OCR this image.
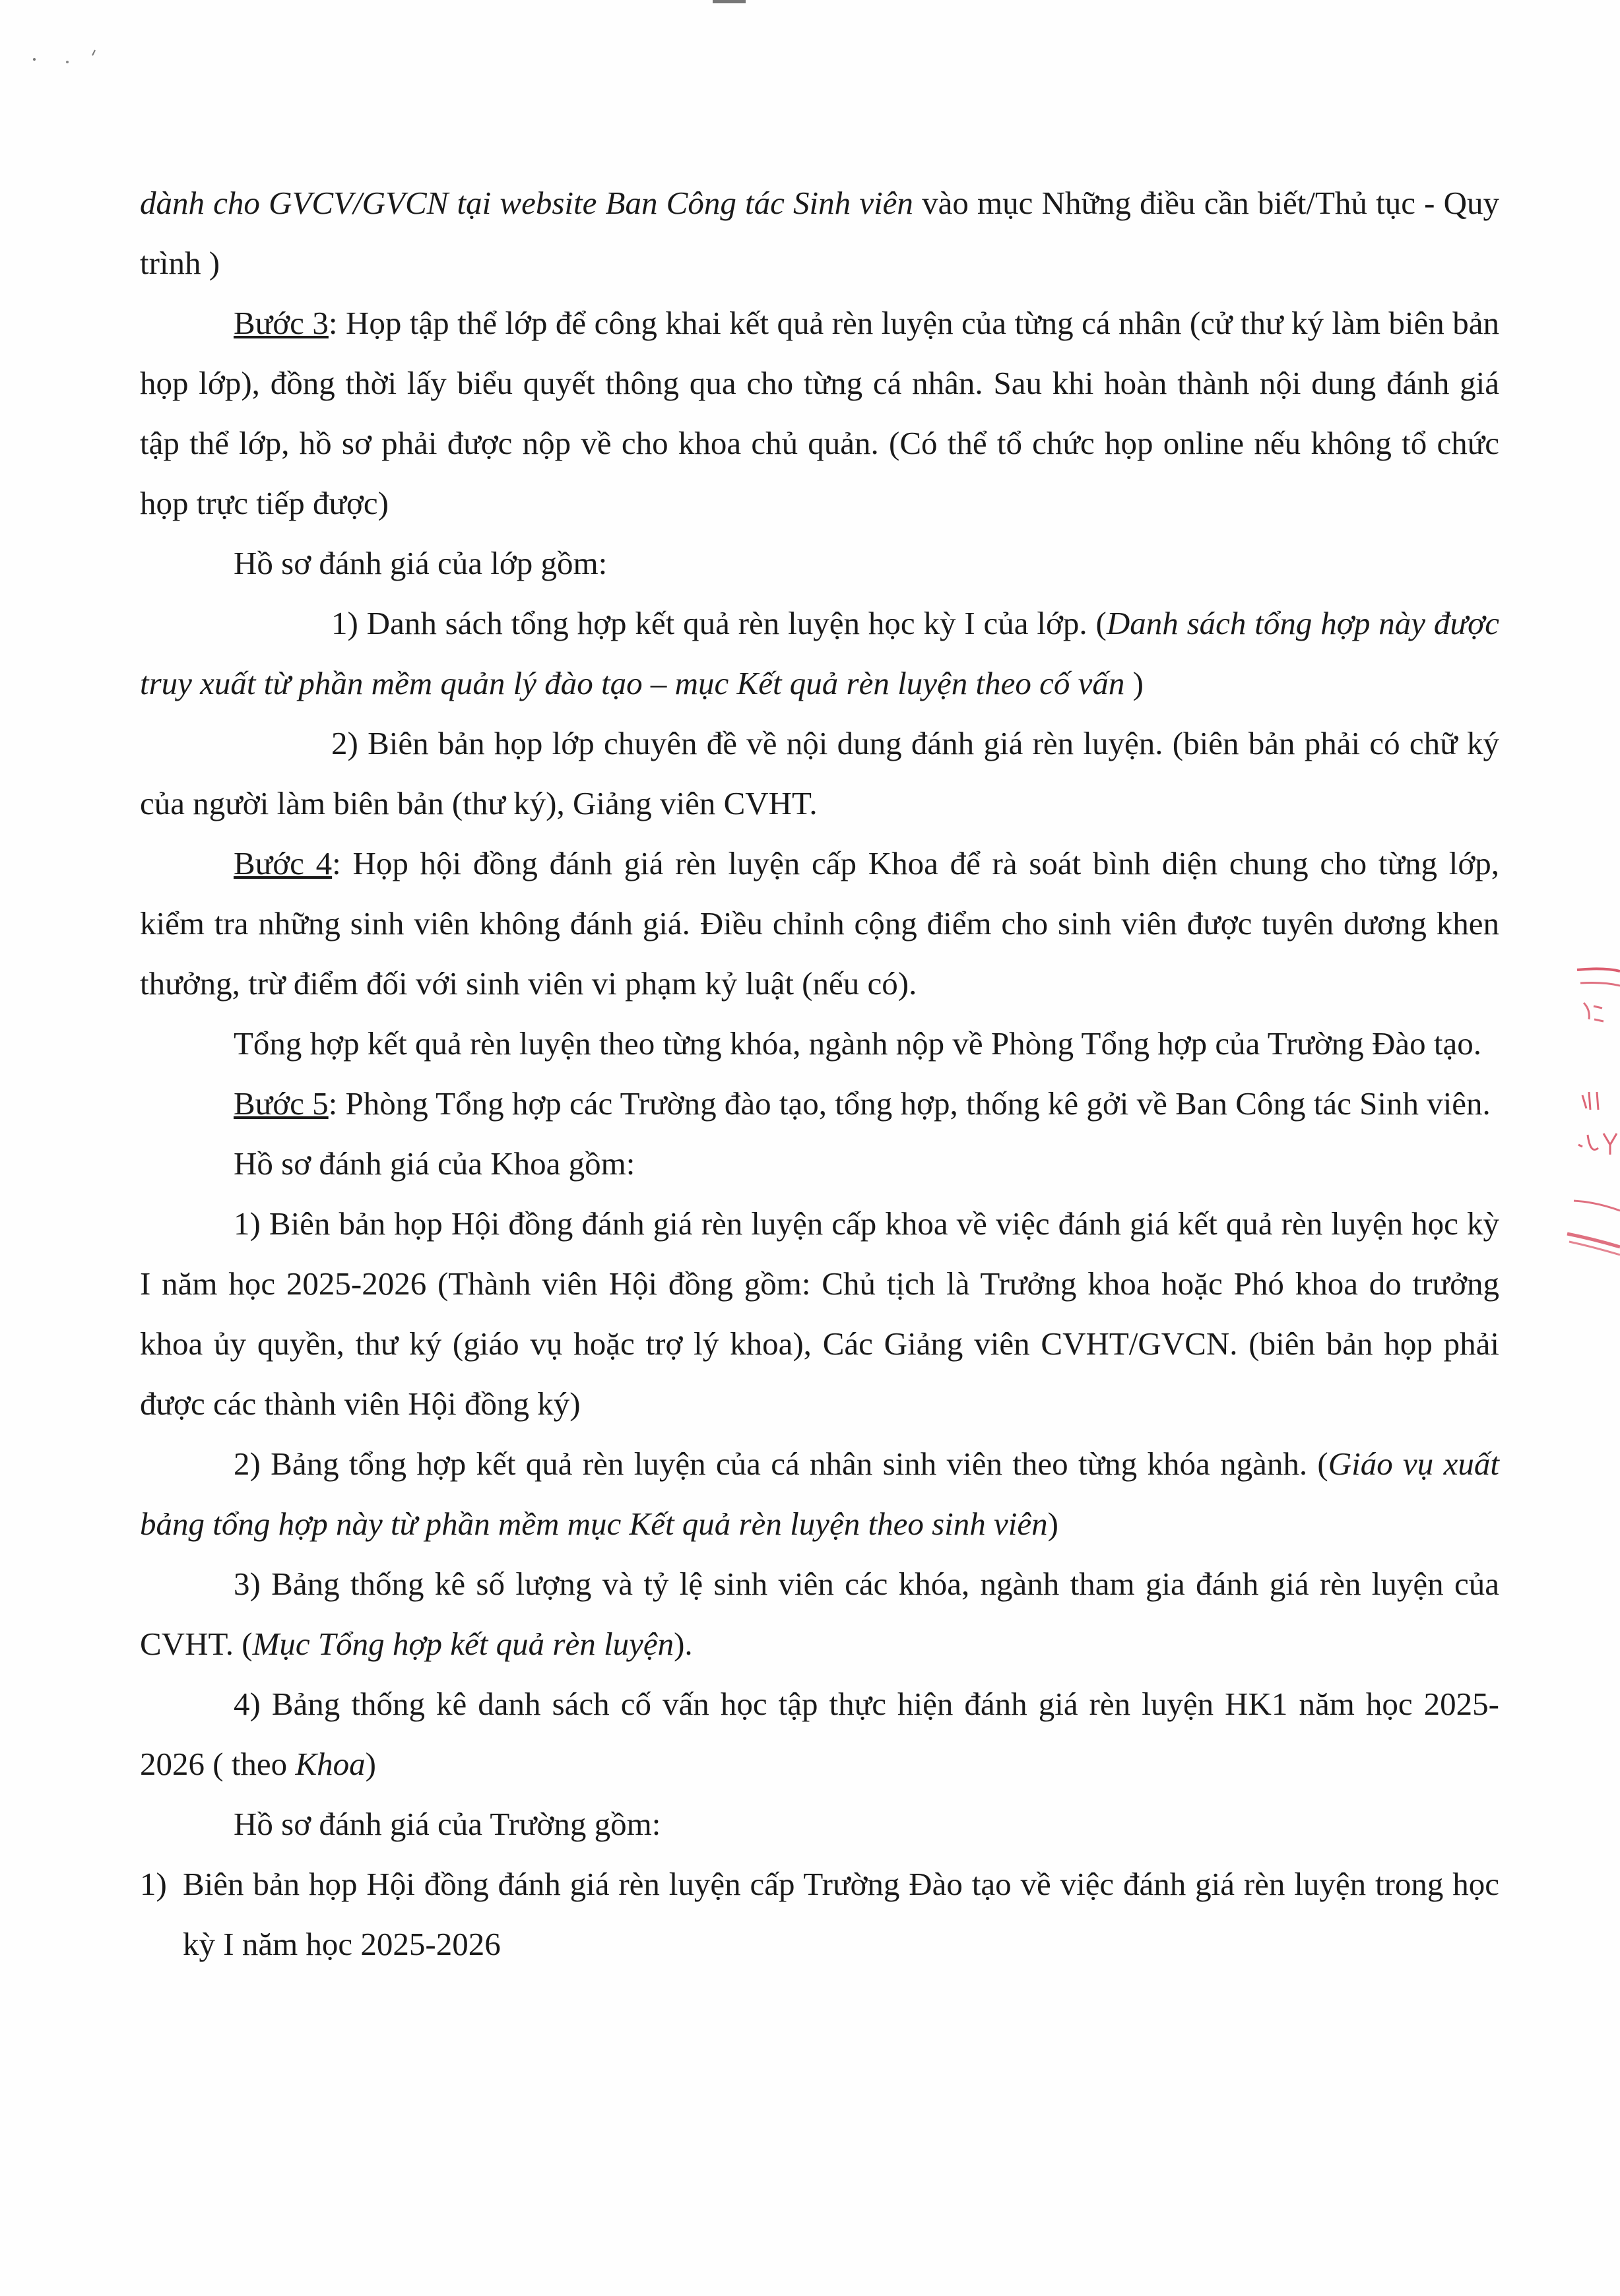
dành cho GVCV/GVCN tại website Ban Công tác Sinh viên vào mục Những điều cần biết/Thủ tục - Quy trình )

Bước 3: Họp tập thể lớp để công khai kết quả rèn luyện của từng cá nhân (cử thư ký làm biên bản họp lớp), đồng thời lấy biểu quyết thông qua cho từng cá nhân. Sau khi hoàn thành nội dung đánh giá tập thể lớp, hồ sơ phải được nộp về cho khoa chủ quản. (Có thể tổ chức họp online nếu không tổ chức họp trực tiếp được)

Hồ sơ đánh giá của lớp gồm:

1) Danh sách tổng hợp kết quả rèn luyện học kỳ I của lớp. (Danh sách tổng hợp này được truy xuất từ phần mềm quản lý đào tạo – mục Kết quả rèn luyện theo cố vấn )

2) Biên bản họp lớp chuyên đề về nội dung đánh giá rèn luyện. (biên bản phải có chữ ký của người làm biên bản (thư ký), Giảng viên CVHT.

Bước 4: Họp hội đồng đánh giá rèn luyện cấp Khoa để rà soát bình diện chung cho từng lớp, kiểm tra những sinh viên không đánh giá. Điều chỉnh cộng điểm cho sinh viên được tuyên dương khen thưởng, trừ điểm đối với sinh viên vi phạm kỷ luật (nếu có).

Tổng hợp kết quả rèn luyện theo từng khóa, ngành nộp về Phòng Tổng hợp của Trường Đào tạo.

Bước 5: Phòng Tổng hợp các Trường đào tạo, tổng hợp, thống kê gởi về Ban Công tác Sinh viên.

Hồ sơ đánh giá của Khoa gồm:

1) Biên bản họp Hội đồng đánh giá rèn luyện cấp khoa về việc đánh giá kết quả rèn luyện học kỳ I năm học 2025-2026 (Thành viên Hội đồng gồm: Chủ tịch là Trưởng khoa hoặc Phó khoa do trưởng khoa ủy quyền, thư ký (giáo vụ hoặc trợ lý khoa), Các Giảng viên CVHT/GVCN. (biên bản họp phải được các thành viên Hội đồng ký)

2) Bảng tổng hợp kết quả rèn luyện của cá nhân sinh viên theo từng khóa ngành. (Giáo vụ xuất bảng tổng hợp này từ phần mềm mục Kết quả rèn luyện theo sinh viên)

3) Bảng thống kê số lượng và tỷ lệ sinh viên các khóa, ngành tham gia đánh giá rèn luyện của CVHT. (Mục Tổng hợp kết quả rèn luyện).

4) Bảng thống kê danh sách cố vấn học tập thực hiện đánh giá rèn luyện HK1 năm học 2025-2026 ( theo Khoa)

Hồ sơ đánh giá của Trường gồm:

1) Biên bản họp Hội đồng đánh giá rèn luyện cấp Trường Đào tạo về việc đánh giá rèn luyện trong học kỳ I năm học 2025-2026
